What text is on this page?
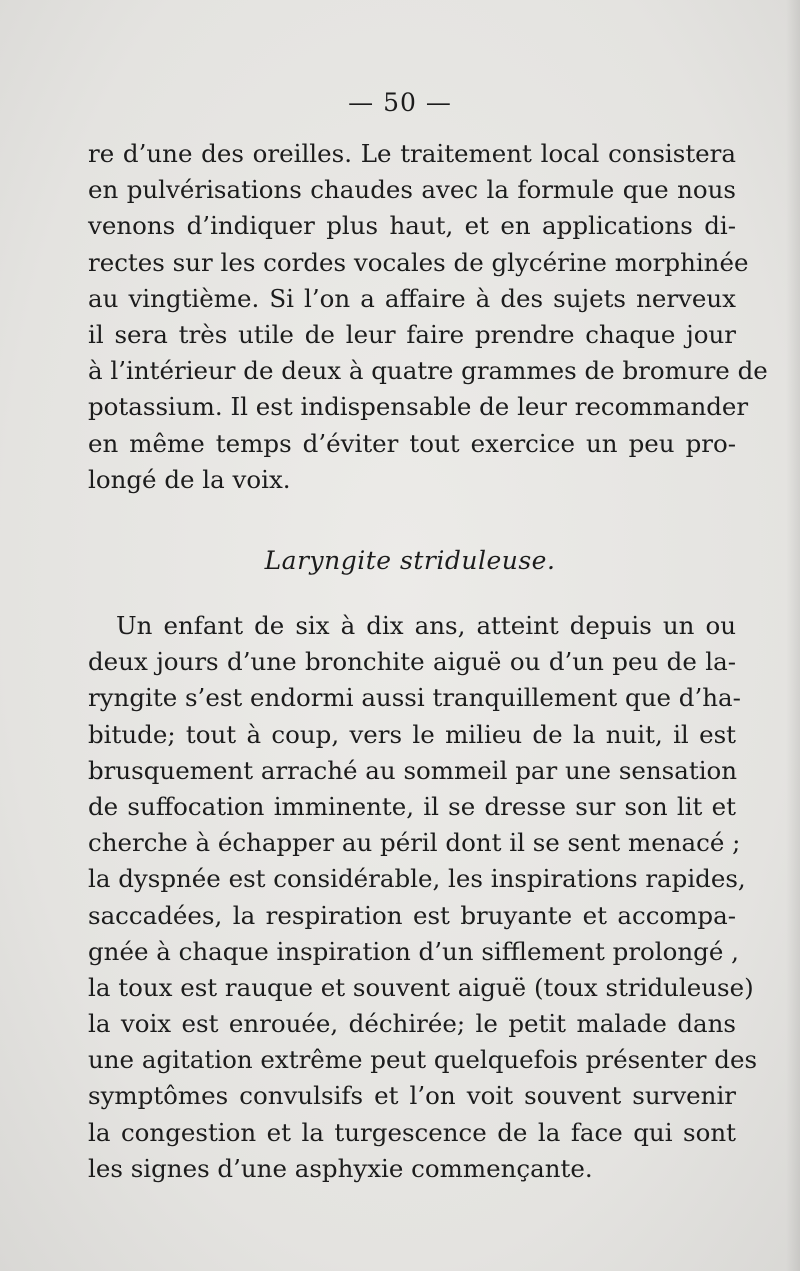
— 50 —
re d’une des oreilles. Le traitement local consistera
en pulvérisations chaudes avec la formule que nous
venons d’indiquer plus haut, et en applications di-
rectes sur les cordes vocales de glycérine morphinée
au vingtième. Si l’on a affaire à des sujets nerveux
il sera très utile de leur faire prendre chaque jour
à l’intérieur de deux à quatre grammes de bromure de
potassium. Il est indispensable de leur recommander
en même temps d’éviter tout exercice un peu pro-
longé de la voix.
Laryngite striduleuse.
Un enfant de six à dix ans, atteint depuis un ou
deux jours d’une bronchite aiguë ou d’un peu de la-
ryngite s’est endormi aussi tranquillement que d’ha-
bitude; tout à coup, vers le milieu de la nuit, il est
brusquement arraché au sommeil par une sensation
de suffocation imminente, il se dresse sur son lit et
cherche à échapper au péril dont il se sent menacé ;
la dyspnée est considérable, les inspirations rapides,
saccadées, la respiration est bruyante et accompa-
gnée à chaque inspiration d’un sifflement prolongé ,
la toux est rauque et souvent aiguë (toux striduleuse)
la voix est enrouée, déchirée; le petit malade dans
une agitation extrême peut quelquefois présenter des
symptômes convulsifs et l’on voit souvent survenir
la congestion et la turgescence de la face qui sont
les signes d’une asphyxie commençante.
